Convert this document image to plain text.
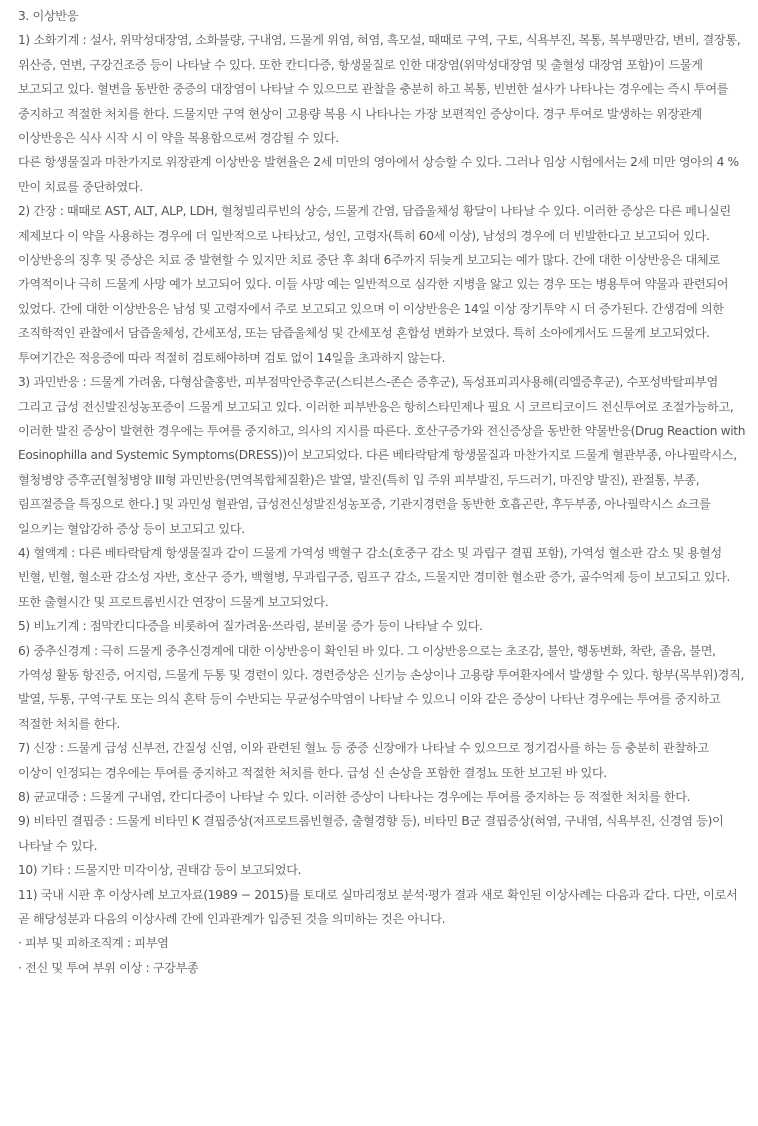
3. 이상반응

1) 소화기계 : 설사, 위막성대장염, 소화불량, 구내염, 드물게 위염, 혀염, 흑모설, 때때로 구역, 구토, 식욕부진, 복통, 복부팽만감, 변비, 결장통, 위산증, 연변, 구강건조증 등이 나타날 수 있다. 또한 칸디다증, 항생물질로 인한 대장염(위막성대장염 및 출혈성 대장염 포함)이 드물게 보고되고 있다. 혈변을 동반한 중증의 대장염이 나타날 수 있으므로 관찰을 충분히 하고 복통, 빈번한 설사가 나타나는 경우에는 즉시 투여를 중지하고 적절한 처치를 한다. 드물지만 구역 현상이 고용량 복용 시 나타나는 가장 보편적인 증상이다. 경구 투여로 발생하는 위장관계 이상반응은 식사 시작 시 이 약을 복용함으로써 경감될 수 있다.

다른 항생물질과 마찬가지로 위장관계 이상반응 발현율은 2세 미만의 영아에서 상승할 수 있다. 그러나 임상 시험에서는 2세 미만 영아의 4 %만이 치료를 중단하였다.

2) 간장 : 때때로 AST, ALT, ALP, LDH, 혈청빌리루빈의 상승, 드물게 간염, 담즙울체성 황달이 나타날 수 있다. 이러한 증상은 다른 페니실린 제제보다 이 약을 사용하는 경우에 더 일반적으로 나타났고, 성인, 고령자(특히 60세 이상), 남성의 경우에 더 빈발한다고 보고되어 있다. 이상반응의 징후 및 증상은 치료 중 발현할 수 있지만 치료 중단 후 최대 6주까지 뒤늦게 보고되는 예가 많다. 간에 대한 이상반응은 대체로 가역적이나 극히 드물게 사망 예가 보고되어 있다. 이들 사망 예는 일반적으로 심각한 지병을 앓고 있는 경우 또는 병용투여 약물과 관련되어 있었다. 간에 대한 이상반응은 남성 및 고령자에서 주로 보고되고 있으며 이 이상반응은 14일 이상 장기투약 시 더 증가된다. 간생검에 의한 조직학적인 관찰에서 담즙울체성, 간세포성, 또는 담즙울체성 및 간세포성 혼합성 변화가 보였다. 특히 소아에게서도 드물게 보고되었다. 투여기간은 적응증에 따라 적절히 검토해야하며 검토 없이 14일을 초과하지 않는다.

3) 과민반응 : 드물게 가려움, 다형삼출홍반, 피부점막안증후군(스티븐스-존슨 증후군), 독성표피괴사용해(리엘증후군), 수포성박탈피부염 그리고 급성 전신발진성농포증이 드물게 보고되고 있다. 이러한 피부반응은 항히스타민제나 필요 시 코르티코이드 전신투여로 조절가능하고, 이러한 발진 증상이 발현한 경우에는 투여를 중지하고, 의사의 지시를 따른다. 호산구증가와 전신증상을 동반한 약물반응(Drug Reaction with Eosinophilla and Systemic Symptoms(DRESS))이 보고되었다. 다른 베타락탐계 항생물질과 마찬가지로 드물게 혈관부종, 아나필락시스, 혈청병양 증후군[혈청병양 III형 과민반응(면역복합체질환)은 발열, 발진(특히 입 주위 피부발진, 두드러기, 마진양 발진), 관절통, 부종, 림프절증을 특징으로 한다.] 및 과민성 혈관염, 급성전신성발진성농포증, 기관지경련을 동반한 호흡곤란, 후두부종, 아나필락시스 쇼크를 일으키는 혈압강하 증상 등이 보고되고 있다.

4) 혈액계 : 다른 베타락탐계 항생물질과 같이 드물게 가역성 백혈구 감소(호중구 감소 및 과립구 결핍 포함), 가역성 혈소판 감소 및 용혈성 빈혈, 빈혈, 혈소판 감소성 자반, 호산구 증가, 백혈병, 무과립구증, 림프구 감소, 드물지만 경미한 혈소판 증가, 골수억제 등이 보고되고 있다. 또한 출혈시간 및 프로트롬빈시간 연장이 드물게 보고되었다.

5) 비뇨기계 : 점막칸디다증을 비롯하여 질가려움·쓰라림, 분비물 증가 등이 나타날 수 있다.

6) 중추신경계 : 극히 드물게 중추신경계에 대한 이상반응이 확인된 바 있다. 그 이상반응으로는 초조감, 불안, 행동변화, 착란, 졸음, 불면, 가역성 활동 항진증, 어지럼, 드물게 두통 및 경련이 있다. 경련증상은 신기능 손상이나 고용량 투여환자에서 발생할 수 있다. 항부(목부위)경직, 발열, 두통, 구역·구토 또는 의식 혼탁 등이 수반되는 무균성수막염이 나타날 수 있으니 이와 같은 증상이 나타난 경우에는 투여를 중지하고 적절한 처치를 한다.

7) 신장 : 드물게 급성 신부전, 간질성 신염, 이와 관련된 혈뇨 등 중증 신장애가 나타날 수 있으므로 정기검사를 하는 등 충분히 관찰하고 이상이 인정되는 경우에는 투여를 중지하고 적절한 처치를 한다. 급성 신 손상을 포함한 결정뇨 또한 보고된 바 있다.

8) 균교대증 : 드물게 구내염, 칸디다증이 나타날 수 있다. 이러한 증상이 나타나는 경우에는 투여를 중지하는 등 적절한 처치를 한다.

9) 비타민 결핍증 : 드물게 비타민 K 결핍증상(저프로트롬빈혈증, 출혈경향 등), 비타민 B군 결핍증상(혀염, 구내염, 식욕부진, 신경염 등)이 나타날 수 있다.

10) 기타 : 드물지만 미각이상, 권태감 등이 보고되었다.

11) 국내 시판 후 이상사례 보고자료(1989 − 2015)를 토대로 실마리정보 분석·평가 결과 새로 확인된 이상사례는 다음과 같다. 다만, 이로서 곧 해당성분과 다음의 이상사례 간에 인과관계가 입증된 것을 의미하는 것은 아니다.

· 피부 및 피하조직계 : 피부염

· 전신 및 투여 부위 이상 : 구강부종
